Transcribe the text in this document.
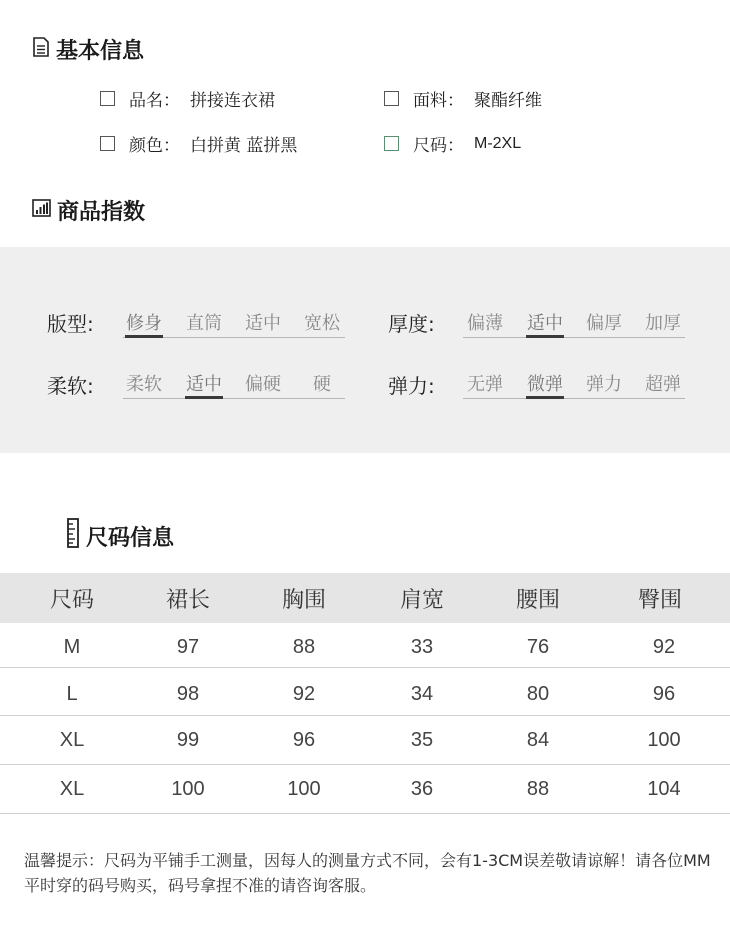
基本信息
品名： 拼接连衣裙	面料： 聚酯纤维
颜色： 白拼黄 蓝拼黑	尺码： M-2XL
商品指数
版型:	修身	直筒	适中	宽松	厚度:	偏薄	适中	偏厚	加厚
柔软:	柔软	适中	偏硬	硬	弹力:	无弹	微弹	弹力	超弹
尺码信息
尺码	裙长	胸围	肩宽	腰围	臀围
M	97	88	33	76	92
L	98	92	34	80	96
XL	99	96	35	84	100
XL	100	100	36	88	104
温馨提示：尺码为平铺手工测量，因每人的测量方式不同，会有1-3CM误差敬请谅解！请各位MM平时穿的码号购买，码号拿捏不准的请咨询客服。
